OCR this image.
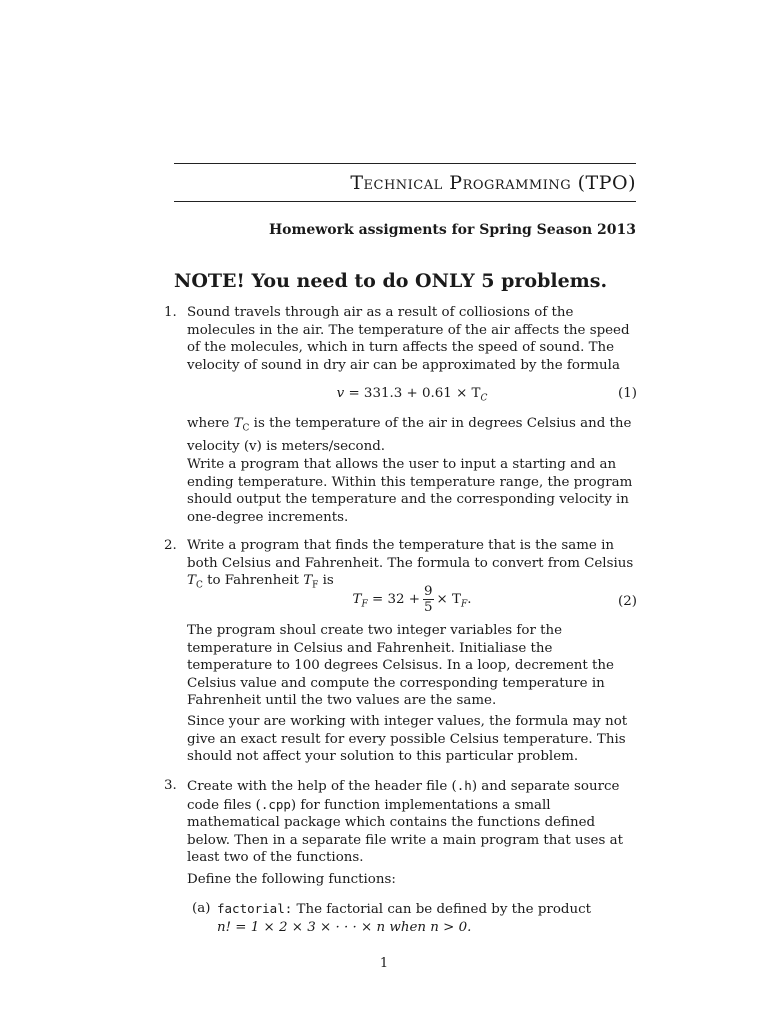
Technical Programming (TPO)
Homework assigments for Spring Season 2013
NOTE! You need to do ONLY 5 problems.
1. Sound travels through air as a result of colliosions of the molecules in the air. The temperature of the air affects the speed of the molecules, which in turn affects the speed of sound. The velocity of sound in dry air can be approximated by the formula
$v = 331.3 + 0.61 \times T_C$	(1)
where $T_C$ is the temperature of the air in degrees Celsius and the velocity (v) is meters/second.
Write a program that allows the user to input a starting and an ending temperature. Within this temperature range, the program should output the temperature and the corresponding velocity in one-degree increments.
2. Write a program that finds the temperature that is the same in both Celsius and Fahrenheit. The formula to convert from Celsius $T_C$ to Fahrenheit $T_F$ is
$T_F = 32 + \frac{9}{5} \times T_F$.	(2)
The program shoul create two integer variables for the temperature in Celsius and Fahrenheit. Initialiase the temperature to 100 degrees Celsisus. In a loop, decrement the Celsius value and compute the corresponding temperature in Fahrenheit until the two values are the same.
Since your are working with integer values, the formula may not give an exact result for every possible Celsius temperature. This should not affect your solution to this particular problem.
3. Create with the help of the header file (.h) and separate source code files (.cpp) for function implementations a small mathematical package which contains the functions defined below. Then in a separate file write a main program that uses at least two of the functions.
Define the following functions:
(a) factorial: The factorial can be defined by the product
n! = 1 × 2 × 3 × · · · × n when n > 0.
1
